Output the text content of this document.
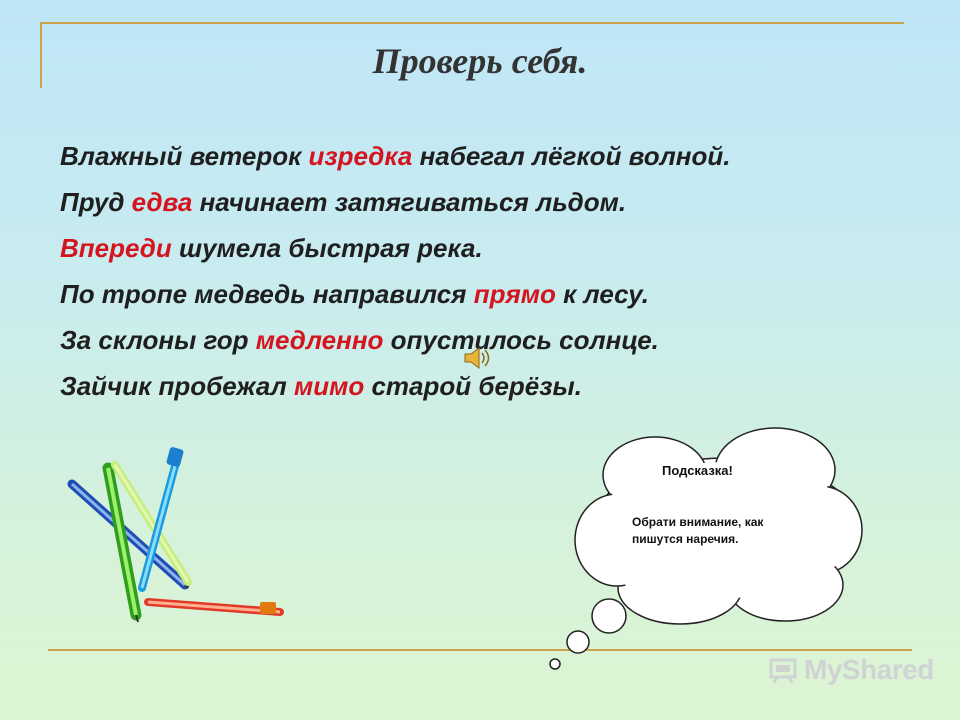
Проверь себя.
Влажный ветерок изредка набегал лёгкой волной.
Пруд едва начинает затягиваться льдом.
Впереди шумела быстрая река.
По тропе медведь направился прямо к лесу.
За склоны гор медленно опустилось солнце.
Зайчик пробежал мимо старой берёзы.
Подсказка!
Обрати внимание, как пишутся наречия.
MyShared
